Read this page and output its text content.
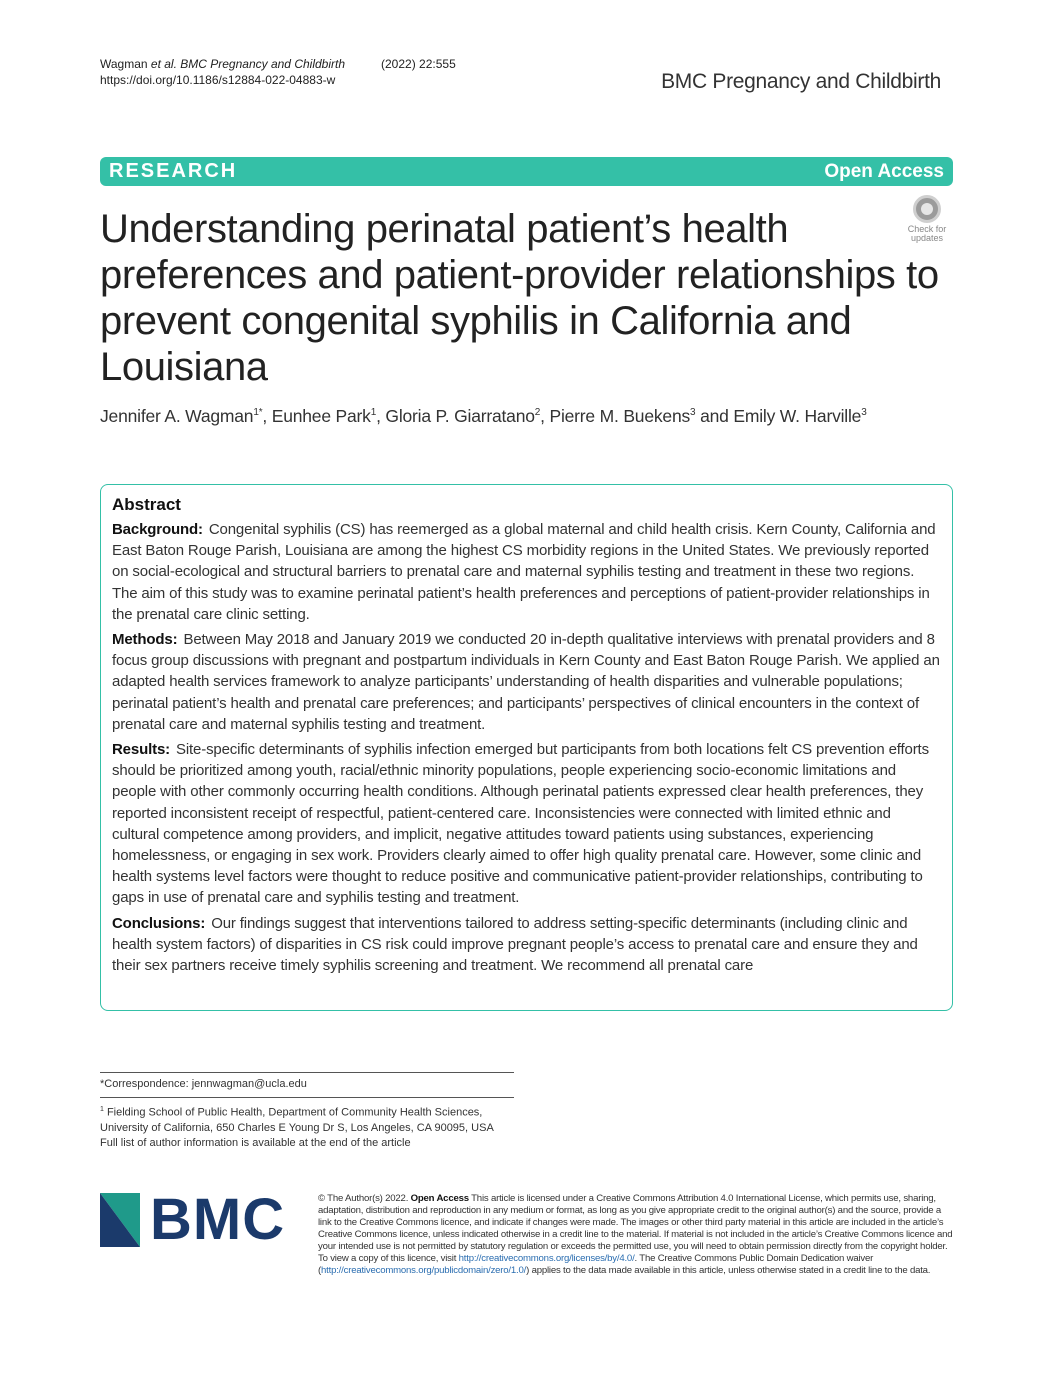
Wagman et al. BMC Pregnancy and Childbirth	(2022) 22:555
https://doi.org/10.1186/s12884-022-04883-w	BMC Pregnancy and Childbirth
RESEARCH	Open Access
Understanding perinatal patient’s health preferences and patient-provider relationships to prevent congenital syphilis in California and Louisiana
Check for
updates
Jennifer A. Wagman$^{1*}$, Eunhee Park$^1$, Gloria P. Giarratano$^2$, Pierre M. Buekens$^3$ and Emily W. Harville$^3$
Abstract

Background: Congenital syphilis (CS) has reemerged as a global maternal and child health crisis. Kern County, California and East Baton Rouge Parish, Louisiana are among the highest CS morbidity regions in the United States. We previously reported on social-ecological and structural barriers to prenatal care and maternal syphilis testing and treatment in these two regions. The aim of this study was to examine perinatal patient’s health preferences and perceptions of patient-provider relationships in the prenatal care clinic setting.

Methods: Between May 2018 and January 2019 we conducted 20 in-depth qualitative interviews with prenatal providers and 8 focus group discussions with pregnant and postpartum individuals in Kern County and East Baton Rouge Parish. We applied an adapted health services framework to analyze participants’ understanding of health disparities and vulnerable populations; perinatal patient’s health and prenatal care preferences; and participants’ perspectives of clinical encounters in the context of prenatal care and maternal syphilis testing and treatment.

Results: Site-specific determinants of syphilis infection emerged but participants from both locations felt CS prevention efforts should be prioritized among youth, racial/ethnic minority populations, people experiencing socio-economic limitations and people with other commonly occurring health conditions. Although perinatal patients expressed clear health preferences, they reported inconsistent receipt of respectful, patient-centered care. Inconsistencies were connected with limited ethnic and cultural competence among providers, and implicit, negative attitudes toward patients using substances, experiencing homelessness, or engaging in sex work. Providers clearly aimed to offer high quality prenatal care. However, some clinic and health systems level factors were thought to reduce positive and communicative patient-provider relationships, contributing to gaps in use of prenatal care and syphilis testing and treatment.

Conclusions: Our findings suggest that interventions tailored to address setting-specific determinants (including clinic and health system factors) of disparities in CS risk could improve pregnant people’s access to prenatal care and ensure they and their sex partners receive timely syphilis screening and treatment. We recommend all prenatal care

*Correspondence: jennwagman@ucla.edu
$^1$ Fielding School of Public Health, Department of Community Health Sciences, University of California, 650 Charles E Young Dr S, Los Angeles, CA 90095, USA
Full list of author information is available at the end of the article
BMC	© The Author(s) 2022. Open Access This article is licensed under a Creative Commons Attribution 4.0 International License, which permits use, sharing, adaptation, distribution and reproduction in any medium or format, as long as you give appropriate credit to the original author(s) and the source, provide a link to the Creative Commons licence, and indicate if changes were made. The images or other third party material in this article are included in the article’s Creative Commons licence, unless indicated otherwise in a credit line to the material. If material is not included in the article’s Creative Commons licence and your intended use is not permitted by statutory regulation or exceeds the permitted use, you will need to obtain permission directly from the copyright holder. To view a copy of this licence, visit http://creativecommons.org/licenses/by/4.0/. The Creative Commons Public Domain Dedication waiver (http://creativecommons.org/publicdomain/zero/1.0/) applies to the data made available in this article, unless otherwise stated in a credit line to the data.
